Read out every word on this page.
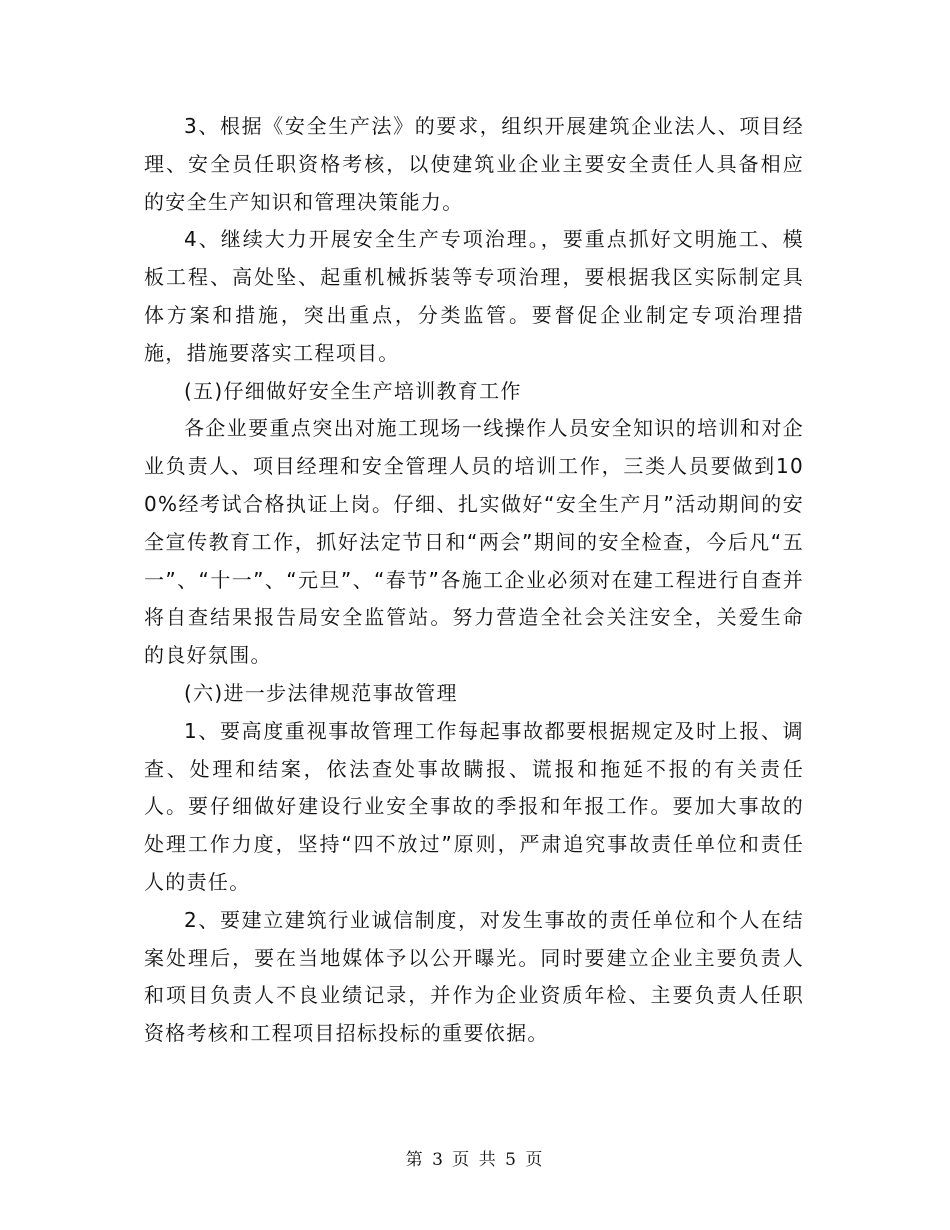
3、根据《安全生产法》的要求，组织开展建筑企业法人、项目经理、安全员任职资格考核，以使建筑业企业主要安全责任人具备相应的安全生产知识和管理决策能力。

4、继续大力开展安全生产专项治理。，要重点抓好文明施工、模板工程、高处坠、起重机械拆装等专项治理，要根据我区实际制定具体方案和措施，突出重点，分类监管。要督促企业制定专项治理措施，措施要落实工程项目。

(五)仔细做好安全生产培训教育工作

各企业要重点突出对施工现场一线操作人员安全知识的培训和对企业负责人、项目经理和安全管理人员的培训工作，三类人员要做到100%经考试合格执证上岗。仔细、扎实做好“安全生产月”活动期间的安全宣传教育工作，抓好法定节日和“两会”期间的安全检查，今后凡“五一”、“十一”、“元旦”、“春节”各施工企业必须对在建工程进行自查并将自查结果报告局安全监管站。努力营造全社会关注安全，关爱生命的良好氛围。

(六)进一步法律规范事故管理

1、要高度重视事故管理工作每起事故都要根据规定及时上报、调查、处理和结案，依法查处事故瞒报、谎报和拖延不报的有关责任人。要仔细做好建设行业安全事故的季报和年报工作。要加大事故的处理工作力度，坚持“四不放过”原则，严肃追究事故责任单位和责任人的责任。

2、要建立建筑行业诚信制度，对发生事故的责任单位和个人在结案处理后，要在当地媒体予以公开曝光。同时要建立企业主要负责人和项目负责人不良业绩记录，并作为企业资质年检、主要负责人任职资格考核和工程项目招标投标的重要依据。

第 3 页 共 5 页
